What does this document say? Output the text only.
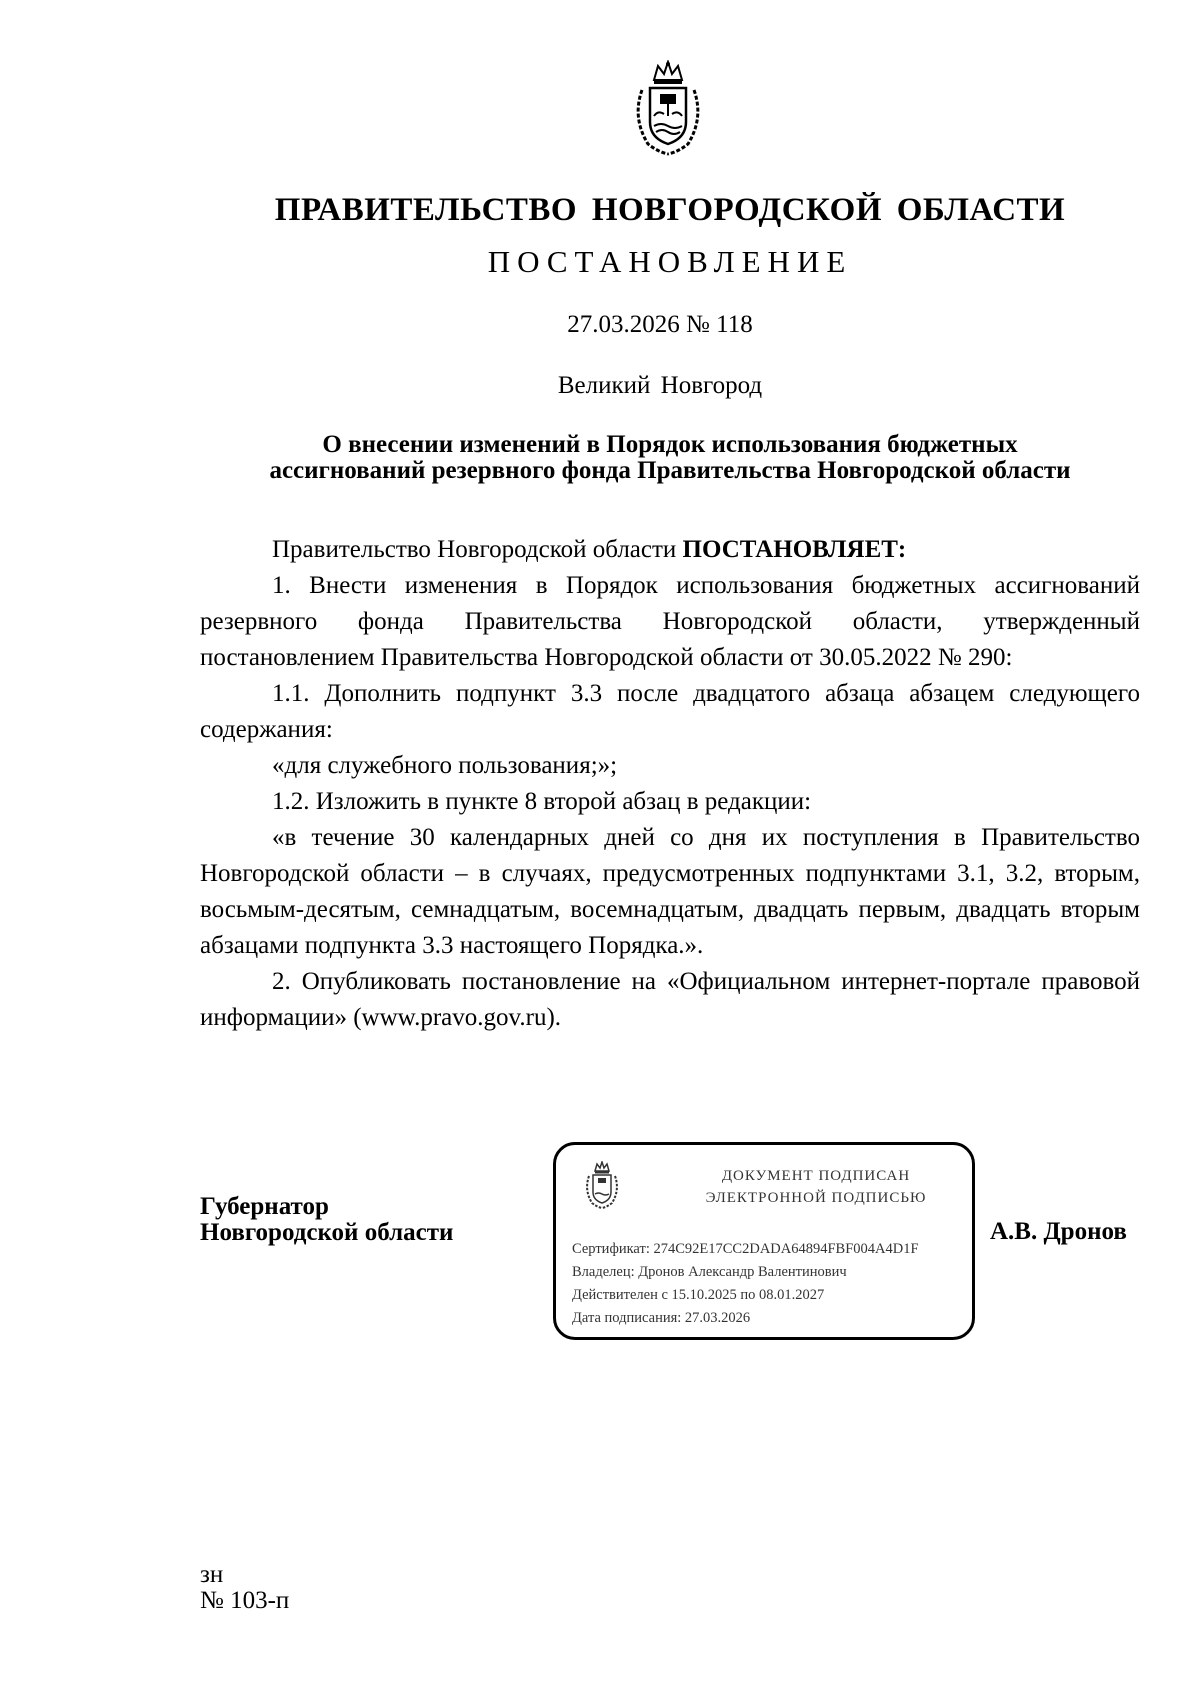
ПРАВИТЕЛЬСТВО НОВГОРОДСКОЙ ОБЛАСТИ
ПОСТАНОВЛЕНИЕ
27.03.2026 № 118
Великий Новгород
О внесении изменений в Порядок использования бюджетных
ассигнований резервного фонда Правительства Новгородской области

Правительство Новгородской области ПОСТАНОВЛЯЕТ:

1. Внести изменения в Порядок использования бюджетных ассигнований резервного фонда Правительства Новгородской области, утвержденный постановлением Правительства Новгородской области от 30.05.2022 № 290:

1.1. Дополнить подпункт 3.3 после двадцатого абзаца абзацем следующего содержания:

«для служебного пользования;»;

1.2. Изложить в пункте 8 второй абзац в редакции:

«в течение 30 календарных дней со дня их поступления в Правительство Новгородской области – в случаях, предусмотренных подпунктами 3.1, 3.2, вторым, восьмым-десятым, семнадцатым, восемнадцатым, двадцать первым, двадцать вторым абзацами подпункта 3.3 настоящего Порядка.».

2. Опубликовать постановление на «Официальном интернет-портале правовой информации» (www.pravo.gov.ru).

Губернатор
Новгородской области
ДОКУМЕНТ ПОДПИСАН
ЭЛЕКТРОННОЙ ПОДПИСЬЮ
Сертификат: 274C92E17CC2DADA64894FBF004A4D1F
Владелец: Дронов Александр Валентинович
Действителен с 15.10.2025 по 08.01.2027
Дата подписания: 27.03.2026
А.В. Дронов
зн
№ 103-п
